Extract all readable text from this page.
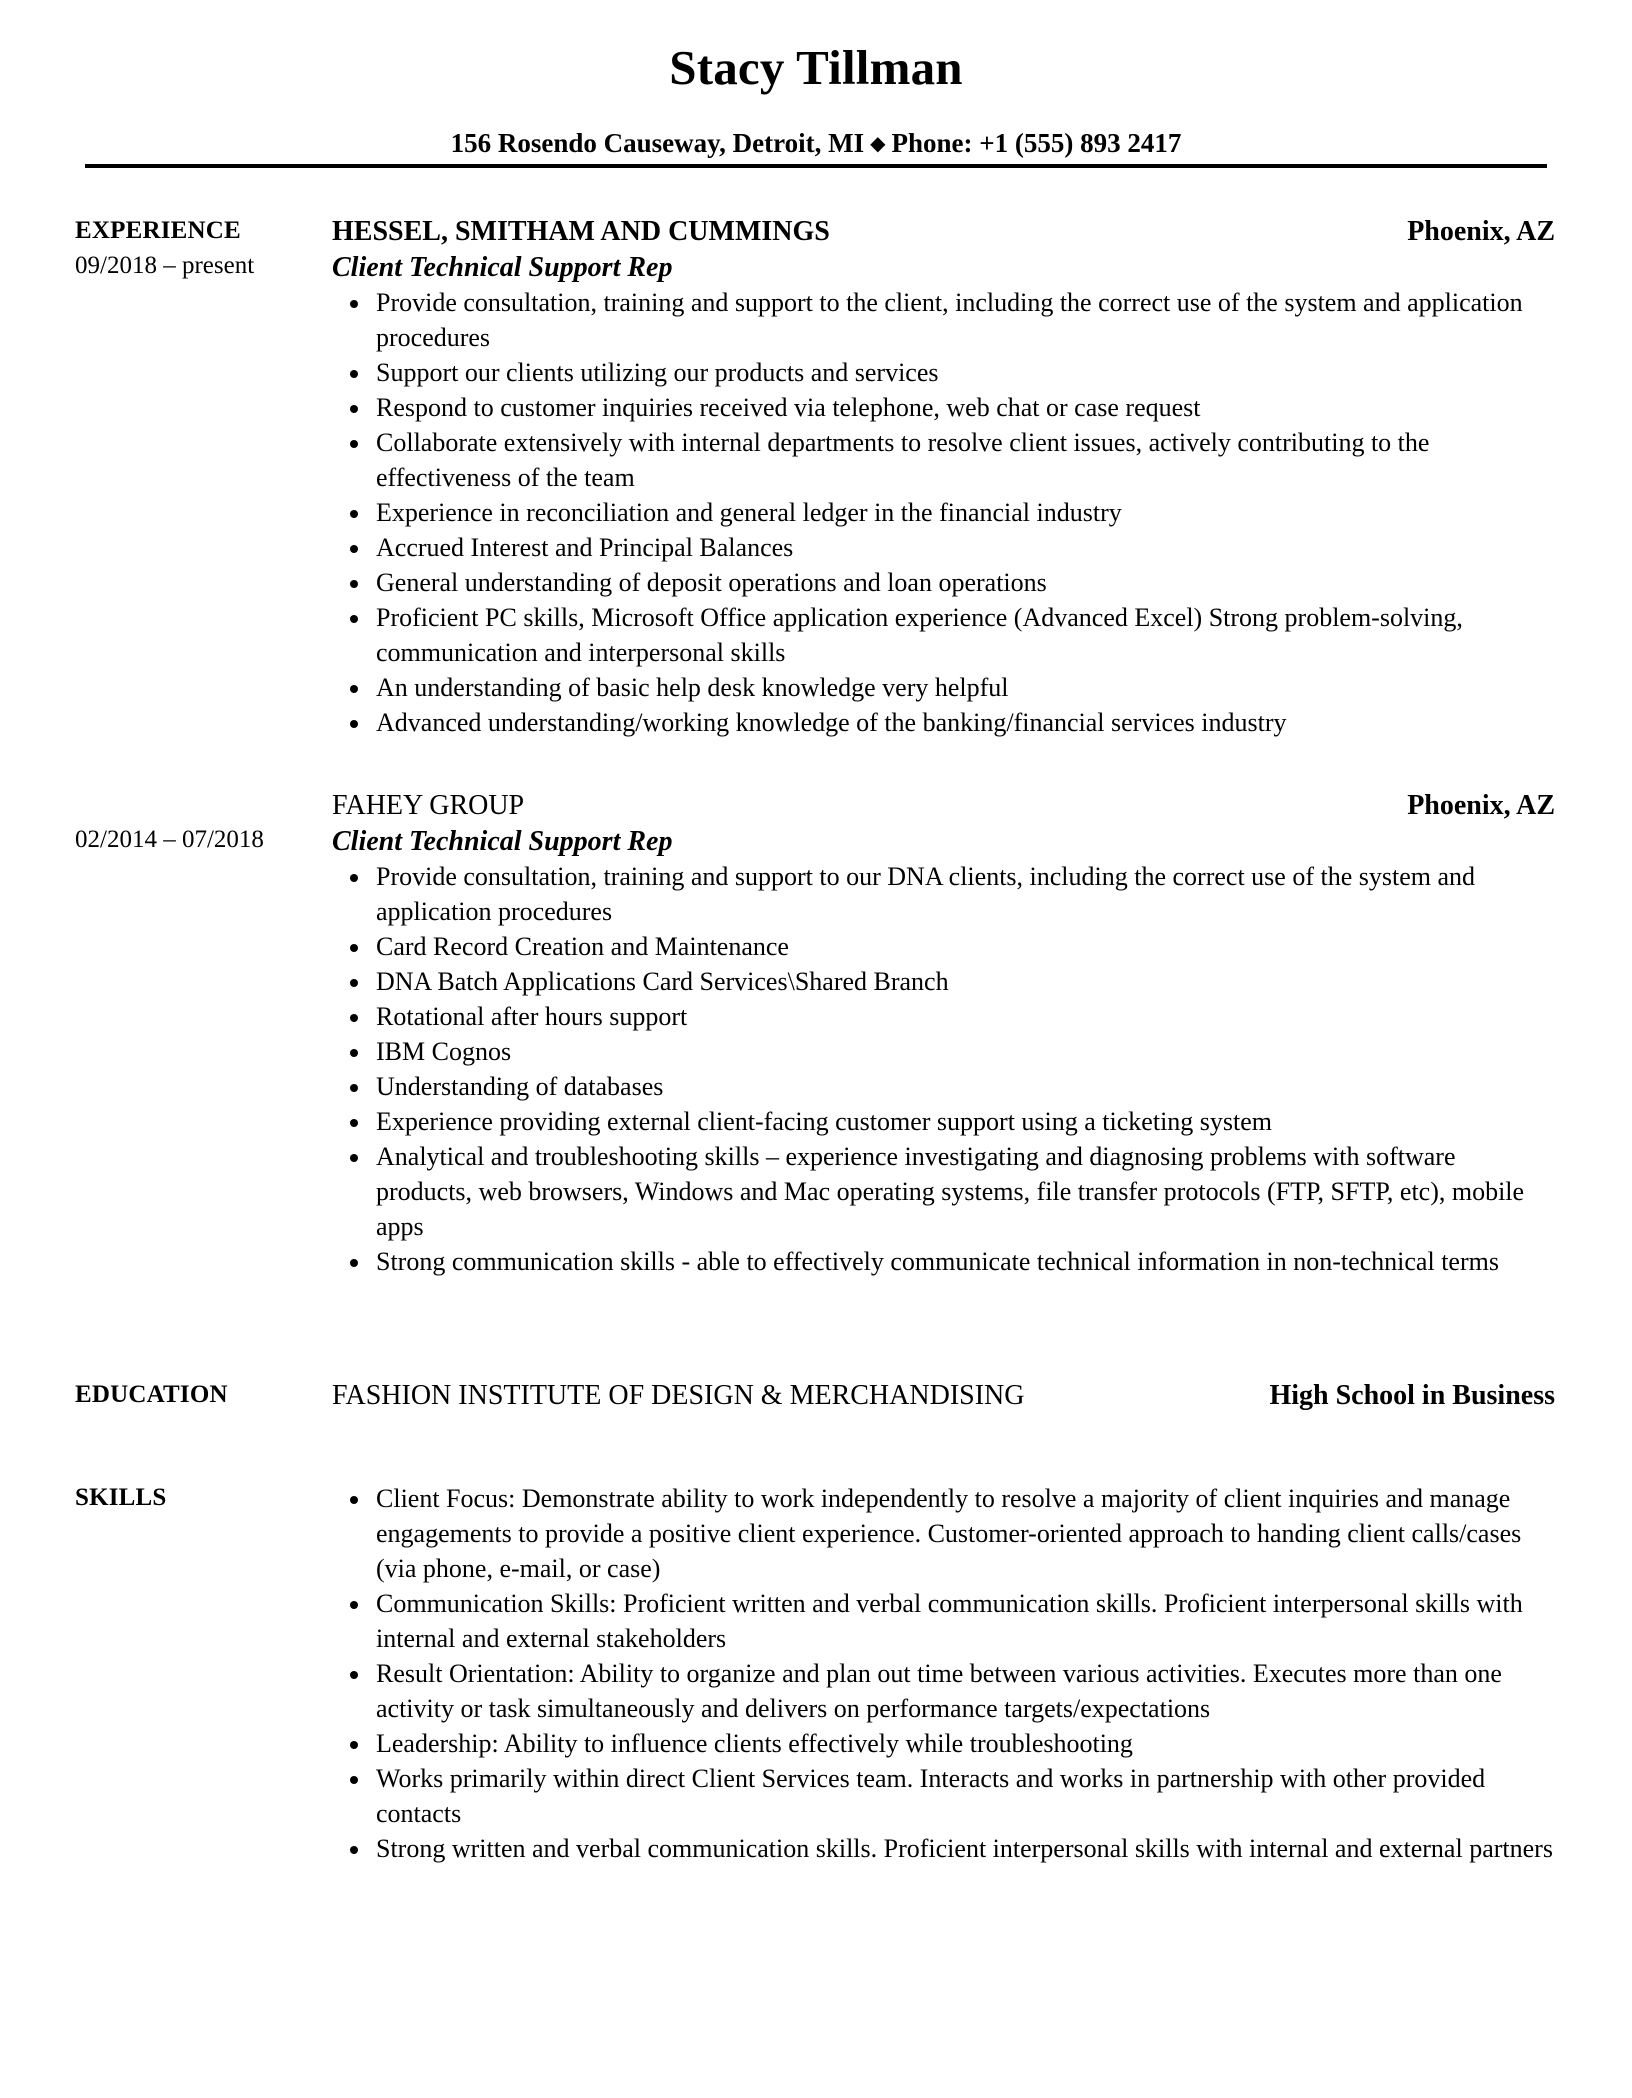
Stacy Tillman
156 Rosendo Causeway, Detroit, MI ◆ Phone: +1 (555) 893 2417
EXPERIENCE
09/2018 – present
HESSEL, SMITHAM AND CUMMINGS	Phoenix, AZ
Client Technical Support Rep
Provide consultation, training and support to the client, including the correct use of the system and application procedures
Support our clients utilizing our products and services
Respond to customer inquiries received via telephone, web chat or case request
Collaborate extensively with internal departments to resolve client issues, actively contributing to the effectiveness of the team
Experience in reconciliation and general ledger in the financial industry
Accrued Interest and Principal Balances
General understanding of deposit operations and loan operations
Proficient PC skills, Microsoft Office application experience (Advanced Excel) Strong problem-solving, communication and interpersonal skills
An understanding of basic help desk knowledge very helpful
Advanced understanding/working knowledge of the banking/financial services industry
02/2014 – 07/2018
FAHEY GROUP	Phoenix, AZ
Client Technical Support Rep
Provide consultation, training and support to our DNA clients, including the correct use of the system and application procedures
Card Record Creation and Maintenance
DNA Batch Applications Card Services\Shared Branch
Rotational after hours support
IBM Cognos
Understanding of databases
Experience providing external client-facing customer support using a ticketing system
Analytical and troubleshooting skills – experience investigating and diagnosing problems with software products, web browsers, Windows and Mac operating systems, file transfer protocols (FTP, SFTP, etc), mobile apps
Strong communication skills - able to effectively communicate technical information in non-technical terms
EDUCATION	FASHION INSTITUTE OF DESIGN & MERCHANDISING	High School in Business
SKILLS	Client Focus: Demonstrate ability to work independently to resolve a majority of client inquiries and manage engagements to provide a positive client experience. Customer-oriented approach to handing client calls/cases (via phone, e-mail, or case)
Communication Skills: Proficient written and verbal communication skills. Proficient interpersonal skills with internal and external stakeholders
Result Orientation: Ability to organize and plan out time between various activities. Executes more than one activity or task simultaneously and delivers on performance targets/expectations
Leadership: Ability to influence clients effectively while troubleshooting
Works primarily within direct Client Services team. Interacts and works in partnership with other provided contacts
Strong written and verbal communication skills. Proficient interpersonal skills with internal and external partners
